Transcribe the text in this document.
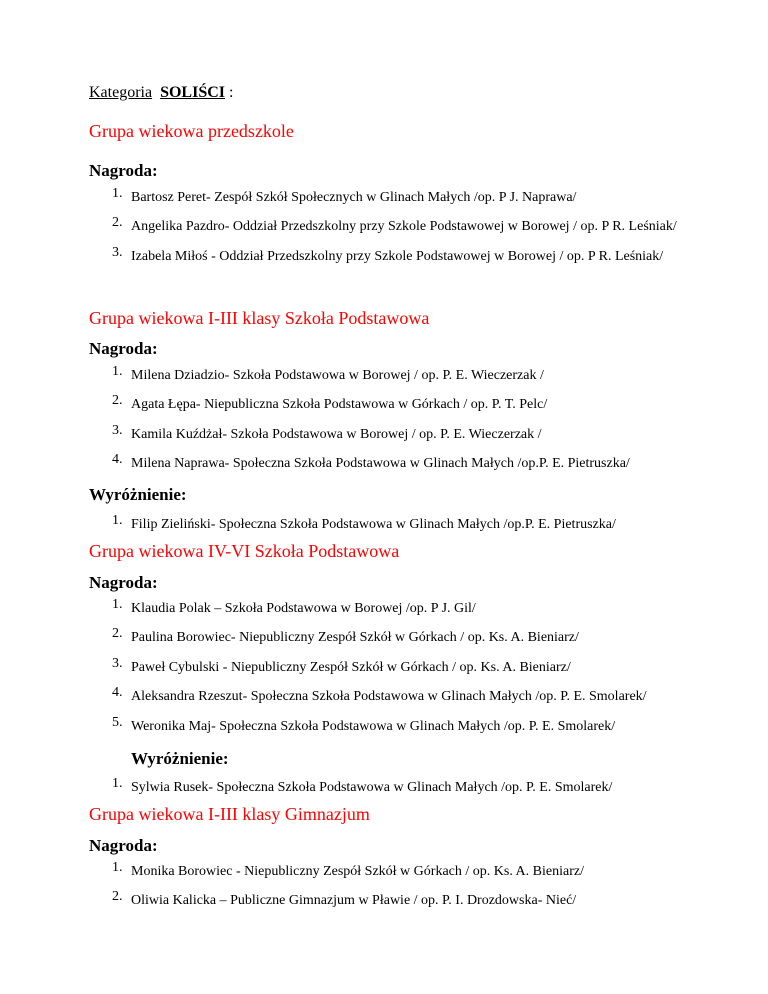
Kategoria SOLIŚCI :
Grupa wiekowa przedszkole
Nagroda:
1. Bartosz Peret- Zespół Szkół Społecznych w Glinach Małych /op. P J. Naprawa/
2. Angelika Pazdro- Oddział Przedszkolny przy Szkole Podstawowej w Borowej / op. P R. Leśniak/
3. Izabela Miłoś - Oddział Przedszkolny przy Szkole Podstawowej w Borowej / op. P R. Leśniak/
Grupa wiekowa I-III klasy Szkoła Podstawowa
Nagroda:
1. Milena Dziadzio- Szkoła Podstawowa w Borowej / op. P. E. Wieczerzak /
2. Agata Łępa- Niepubliczna Szkoła Podstawowa w Górkach / op. P. T. Pelc/
3. Kamila Kuźdżał- Szkoła Podstawowa w Borowej / op. P. E. Wieczerzak /
4. Milena Naprawa- Społeczna Szkoła Podstawowa w Glinach Małych /op.P. E. Pietruszka/
Wyróżnienie:
1. Filip Zieliński- Społeczna Szkoła Podstawowa w Glinach Małych /op.P. E. Pietruszka/
Grupa wiekowa IV-VI Szkoła Podstawowa
Nagroda:
1. Klaudia Polak – Szkoła Podstawowa w Borowej /op. P J. Gil/
2. Paulina Borowiec- Niepubliczny Zespół Szkół w Górkach / op. Ks. A. Bieniarz/
3. Paweł Cybulski - Niepubliczny Zespół Szkół w Górkach / op. Ks. A. Bieniarz/
4. Aleksandra Rzeszut- Społeczna Szkoła Podstawowa w Glinach Małych /op. P. E. Smolarek/
5. Weronika Maj- Społeczna Szkoła Podstawowa w Glinach Małych /op. P. E. Smolarek/
Wyróżnienie:
1. Sylwia Rusek- Społeczna Szkoła Podstawowa w Glinach Małych /op. P. E. Smolarek/
Grupa wiekowa I-III klasy Gimnazjum
Nagroda:
1. Monika Borowiec - Niepubliczny Zespół Szkół w Górkach / op. Ks. A. Bieniarz/
2. Oliwia Kalicka – Publiczne Gimnazjum w Pławie / op. P. I. Drozdowska- Nieć/
